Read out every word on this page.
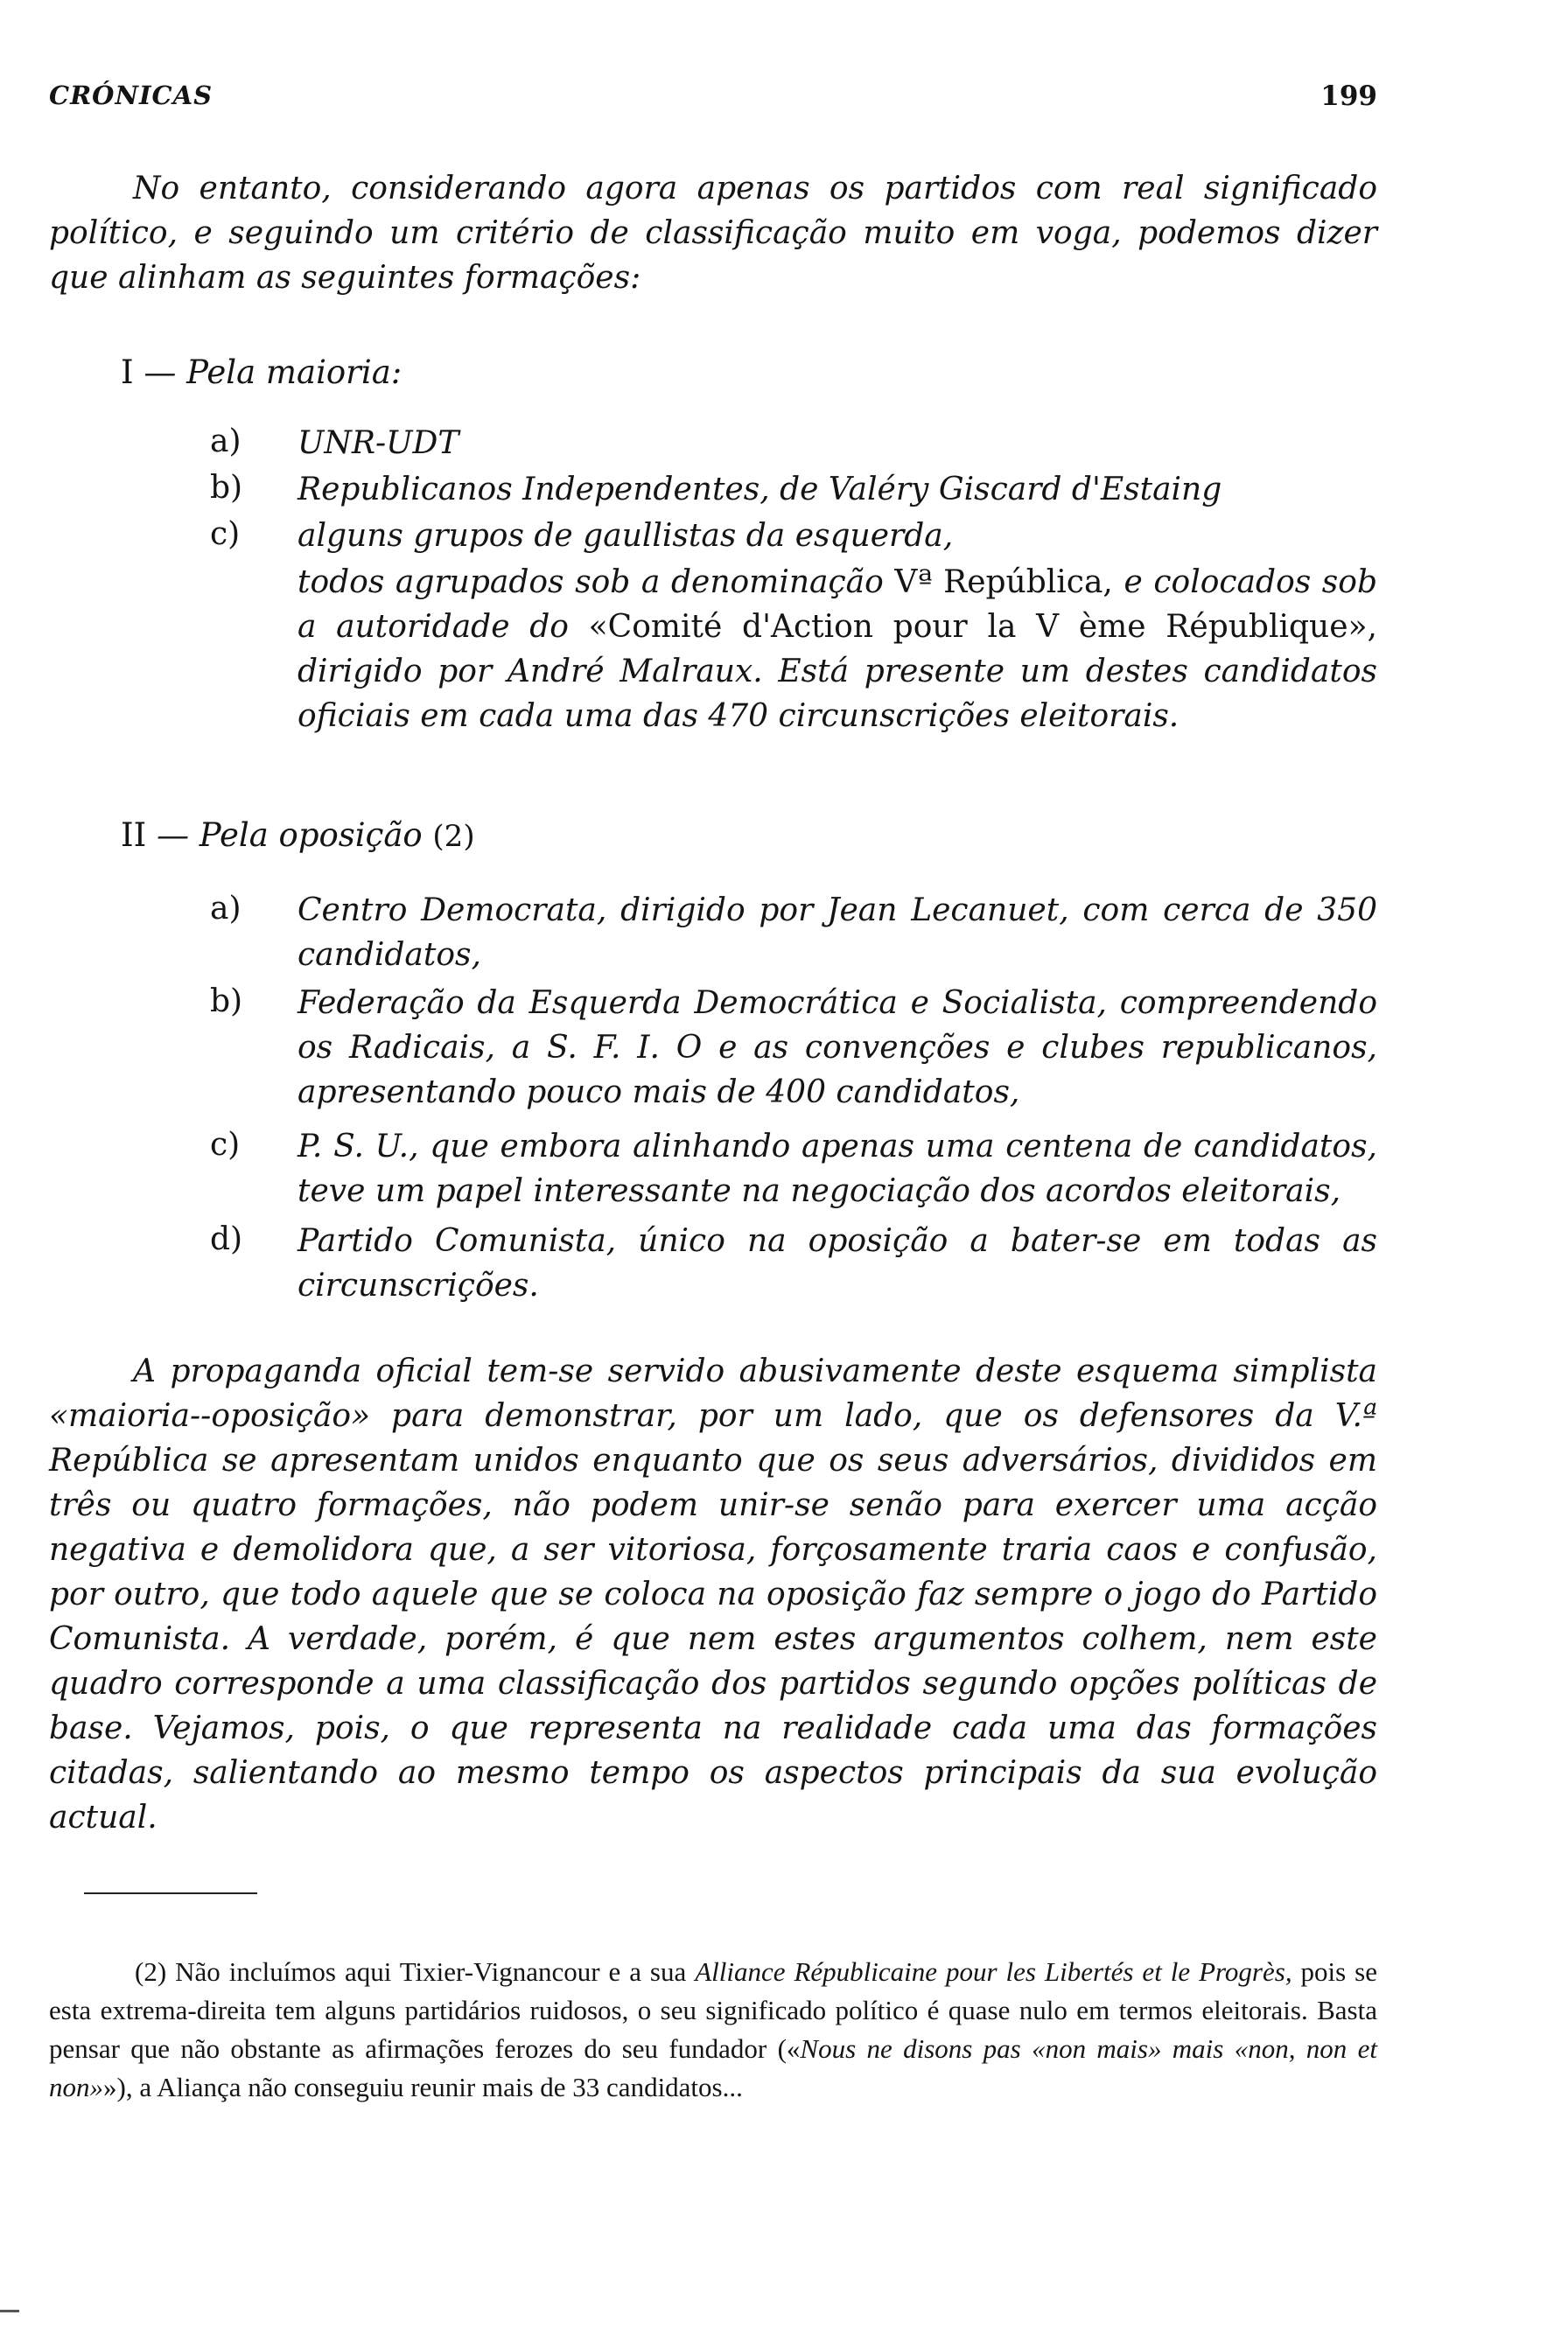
CRÓNICAS	199

No entanto, considerando agora apenas os partidos com real significado político, e seguindo um critério de classificação muito em voga, podemos dizer que alinham as seguintes formações:

I — Pela maioria:
a) UNR-UDT
b) Republicanos Independentes, de Valéry Giscard d'Estaing
c) alguns grupos de gaullistas da esquerda,
todos agrupados sob a denominação Vª República, e colocados sob a autoridade do «Comité d'Action pour la V ème République», dirigido por André Malraux. Está presente um destes candidatos oficiais em cada uma das 470 circunscrições eleitorais.
II — Pela oposição (2)
a) Centro Democrata, dirigido por Jean Lecanuet, com cerca de 350 candidatos,
b) Federação da Esquerda Democrática e Socialista, compreendendo os Radicais, a S. F. I. O e as convenções e clubes republicanos, apresentando pouco mais de 400 candidatos,
c) P. S. U., que embora alinhando apenas uma centena de candidatos, teve um papel interessante na negociação dos acordos eleitorais,
d) Partido Comunista, único na oposição a bater-se em todas as circunscrições.

A propaganda oficial tem-se servido abusivamente deste esquema simplista «maioria--oposição» para demonstrar, por um lado, que os defensores da V.ª República se apresentam unidos enquanto que os seus adversários, divididos em três ou quatro formações, não podem unir-se senão para exercer uma acção negativa e demolidora que, a ser vitoriosa, forçosamente traria caos e confusão, por outro, que todo aquele que se coloca na oposição faz sempre o jogo do Partido Comunista. A verdade, porém, é que nem estes argumentos colhem, nem este quadro corresponde a uma classificação dos partidos segundo opções políticas de base. Vejamos, pois, o que representa na realidade cada uma das formações citadas, salientando ao mesmo tempo os aspectos principais da sua evolução actual.

(2) Não incluímos aqui Tixier-Vignancour e a sua Alliance Républicaine pour les Libertés et le Progrès, pois se esta extrema-direita tem alguns partidários ruidosos, o seu significado político é quase nulo em termos eleitorais. Basta pensar que não obstante as afirmações ferozes do seu fundador («Nous ne disons pas «non mais» mais «non, non et non»»), a Aliança não conseguiu reunir mais de 33 candidatos...
